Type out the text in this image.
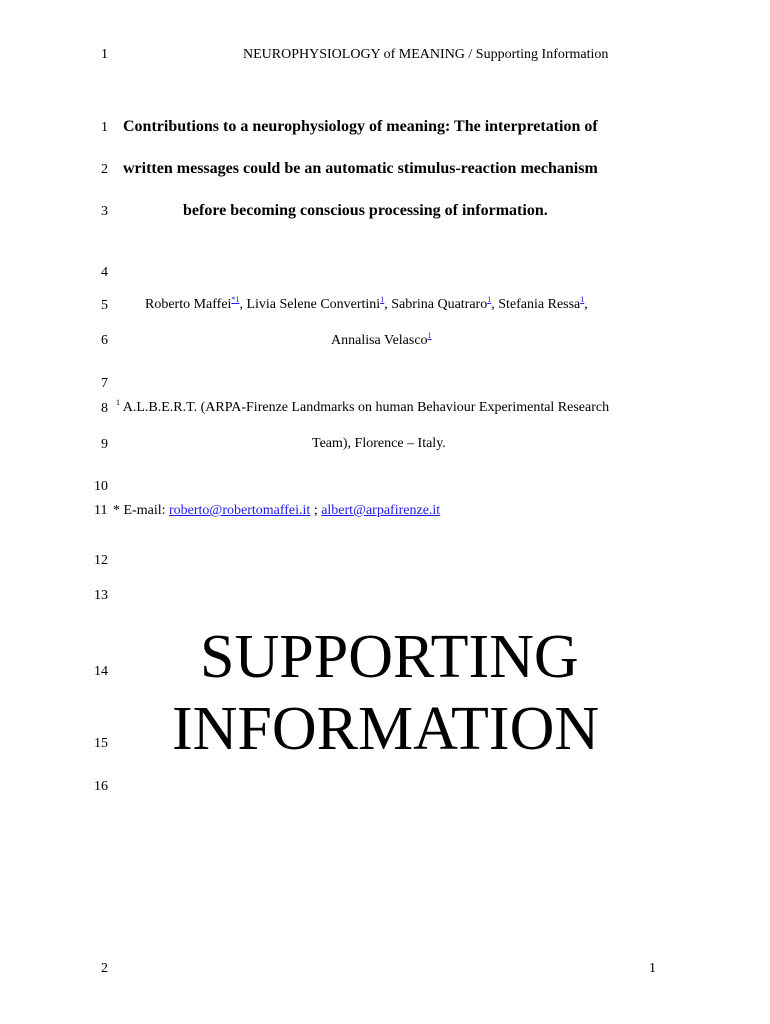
1	NEUROPHYSIOLOGY of MEANING / Supporting Information
1
2
3
4
5
6
7
8
9
10
11
12
13
14
15
16
Contributions to a neurophysiology of meaning: The interpretation of
written messages could be an automatic stimulus-reaction mechanism
before becoming conscious processing of information.
Roberto Maffei$^{*1}$, Livia Selene Convertini$^1$, Sabrina Quatraro$^1$, Stefania Ressa$^1$,
Annalisa Velasco$^1$
$^1$ A.L.B.E.R.T. (ARPA-Firenze Landmarks on human Behaviour Experimental Research
Team), Florence – Italy.
* E-mail: roberto@robertomaffei.it ; albert@arpafirenze.it
SUPPORTING
INFORMATION
2	1
